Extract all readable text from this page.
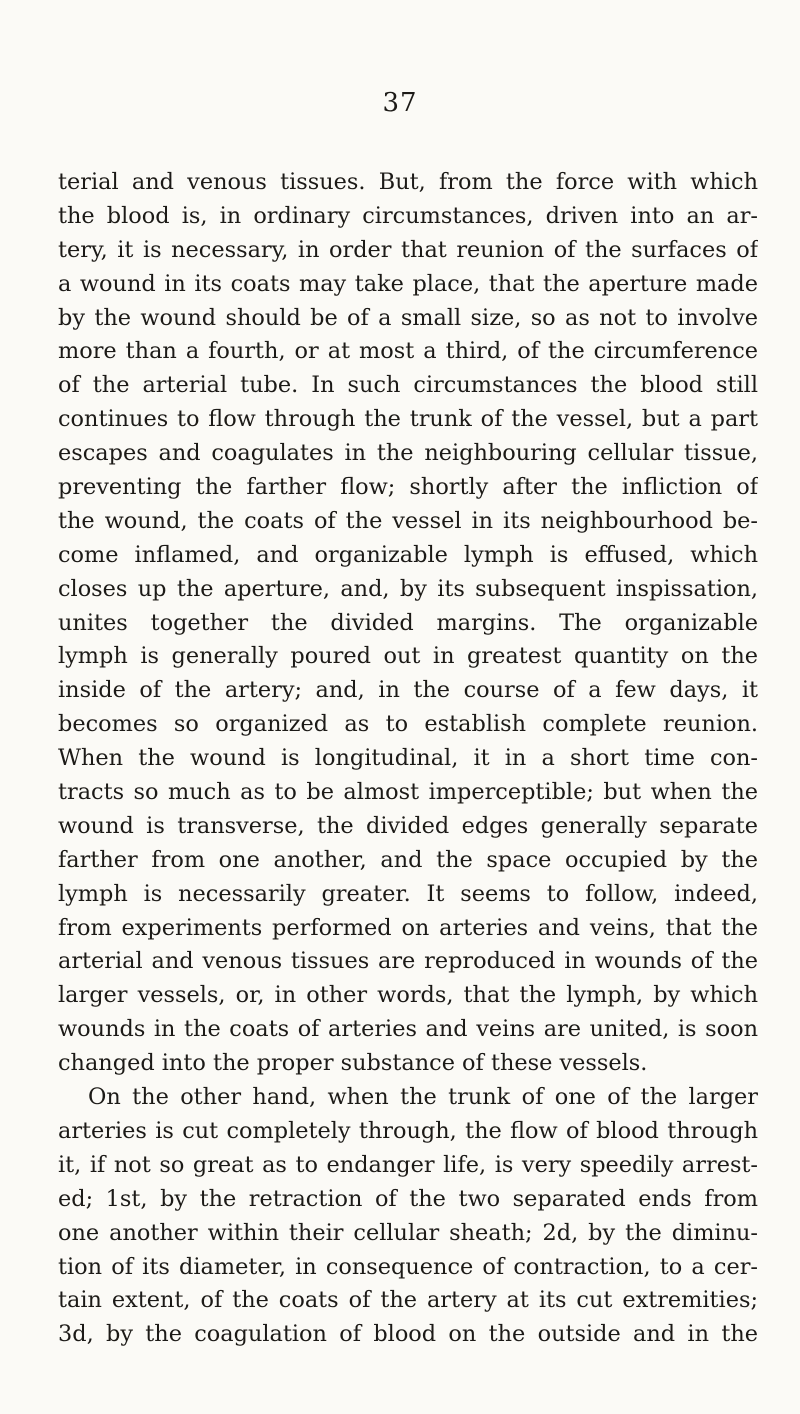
37
terial and venous tissues. But, from the force with which
the blood is, in ordinary circumstances, driven into an ar-
tery, it is necessary, in order that reunion of the surfaces of
a wound in its coats may take place, that the aperture made
by the wound should be of a small size, so as not to involve
more than a fourth, or at most a third, of the circumference
of the arterial tube. In such circumstances the blood still
continues to flow through the trunk of the vessel, but a part
escapes and coagulates in the neighbouring cellular tissue,
preventing the farther flow; shortly after the infliction of
the wound, the coats of the vessel in its neighbourhood be-
come inflamed, and organizable lymph is effused, which
closes up the aperture, and, by its subsequent inspissation,
unites together the divided margins. The organizable
lymph is generally poured out in greatest quantity on the
inside of the artery; and, in the course of a few days, it
becomes so organized as to establish complete reunion.
When the wound is longitudinal, it in a short time con-
tracts so much as to be almost imperceptible; but when the
wound is transverse, the divided edges generally separate
farther from one another, and the space occupied by the
lymph is necessarily greater. It seems to follow, indeed,
from experiments performed on arteries and veins, that the
arterial and venous tissues are reproduced in wounds of the
larger vessels, or, in other words, that the lymph, by which
wounds in the coats of arteries and veins are united, is soon
changed into the proper substance of these vessels.
On the other hand, when the trunk of one of the larger
arteries is cut completely through, the flow of blood through
it, if not so great as to endanger life, is very speedily arrest-
ed; 1st, by the retraction of the two separated ends from
one another within their cellular sheath; 2d, by the diminu-
tion of its diameter, in consequence of contraction, to a cer-
tain extent, of the coats of the artery at its cut extremities;
3d, by the coagulation of blood on the outside and in the
